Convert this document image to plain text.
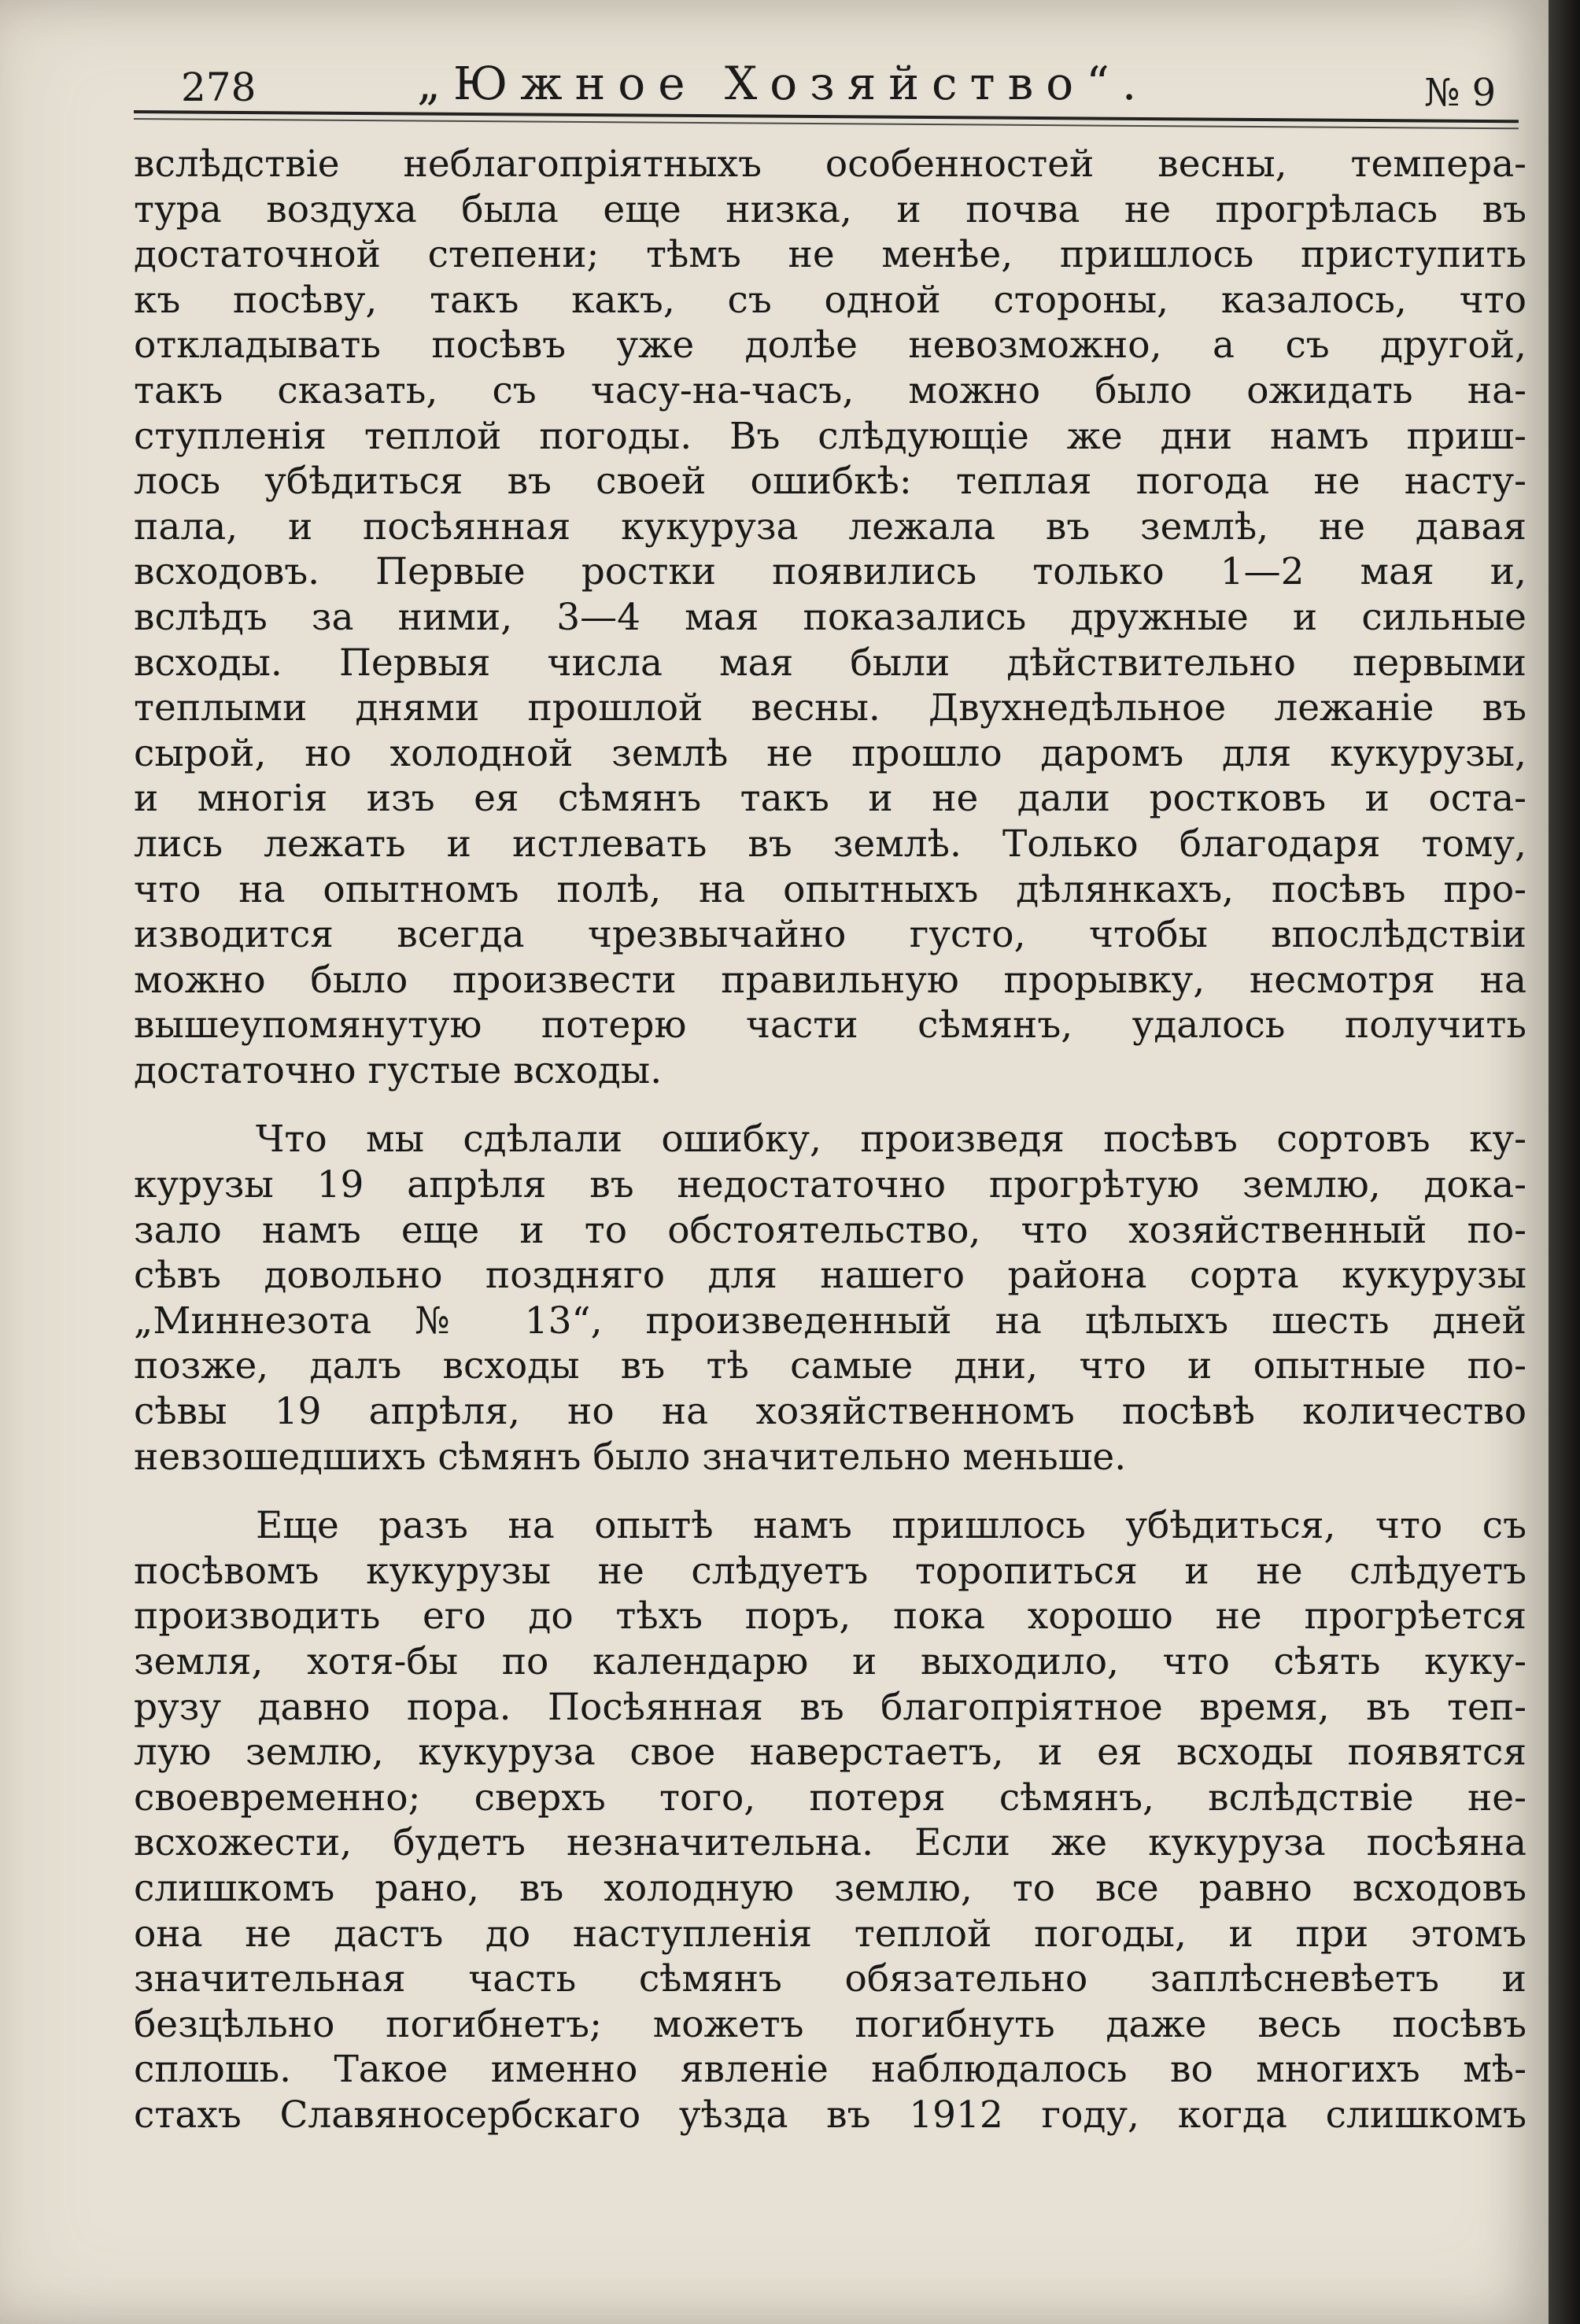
278	„Южное Хозяйство“.	№ 9
вслѣдствіе неблагопріятныхъ особенностей весны, темпера-
тура воздуха была еще низка, и почва не прогрѣлась въ
достаточной степени; тѣмъ не менѣе, пришлось приступить
къ посѣву, такъ какъ, съ одной стороны, казалось, что
откладывать посѣвъ уже долѣе невозможно, а съ другой,
такъ сказать, съ часу-на-часъ, можно было ожидать на-
ступленія теплой погоды. Въ слѣдующіе же дни намъ приш-
лось убѣдиться въ своей ошибкѣ: теплая погода не насту-
пала, и посѣянная кукуруза лежала въ землѣ, не давая
всходовъ. Первые ростки появились только 1—2 мая и,
вслѣдъ за ними, 3—4 мая показались дружные и сильные
всходы. Первыя числа мая были дѣйствительно первыми
теплыми днями прошлой весны. Двухнедѣльное лежаніе въ
сырой, но холодной землѣ не прошло даромъ для кукурузы,
и многія изъ ея сѣмянъ такъ и не дали ростковъ и оста-
лись лежать и истлевать въ землѣ. Только благодаря тому,
что на опытномъ полѣ, на опытныхъ дѣлянкахъ, посѣвъ про-
изводится всегда чрезвычайно густо, чтобы впослѣдствіи
можно было произвести правильную прорывку, несмотря на
вышеупомянутую потерю части сѣмянъ, удалось получить
достаточно густые всходы.
Что мы сдѣлали ошибку, произведя посѣвъ сортовъ ку-
курузы 19 апрѣля въ недостаточно прогрѣтую землю, дока-
зало намъ еще и то обстоятельство, что хозяйственный по-
сѣвъ довольно поздняго для нашего района сорта кукурузы
„Миннезота № 13“, произведенный на цѣлыхъ шесть дней
позже, далъ всходы въ тѣ самые дни, что и опытные по-
сѣвы 19 апрѣля, но на хозяйственномъ посѣвѣ количество
невзошедшихъ сѣмянъ было значительно меньше.
Еще разъ на опытѣ намъ пришлось убѣдиться, что съ
посѣвомъ кукурузы не слѣдуетъ торопиться и не слѣдуетъ
производить его до тѣхъ поръ, пока хорошо не прогрѣется
земля, хотя-бы по календарю и выходило, что сѣять куку-
рузу давно пора. Посѣянная въ благопріятное время, въ теп-
лую землю, кукуруза свое наверстаетъ, и ея всходы появятся
своевременно; сверхъ того, потеря сѣмянъ, вслѣдствіе не-
всхожести, будетъ незначительна. Если же кукуруза посѣяна
слишкомъ рано, въ холодную землю, то все равно всходовъ
она не дастъ до наступленія теплой погоды, и при этомъ
значительная часть сѣмянъ обязательно заплѣсневѣетъ и
безцѣльно погибнетъ; можетъ погибнуть даже весь посѣвъ
сплошь. Такое именно явленіе наблюдалось во многихъ мѣ-
стахъ Славяносербскаго уѣзда въ 1912 году, когда слишкомъ
